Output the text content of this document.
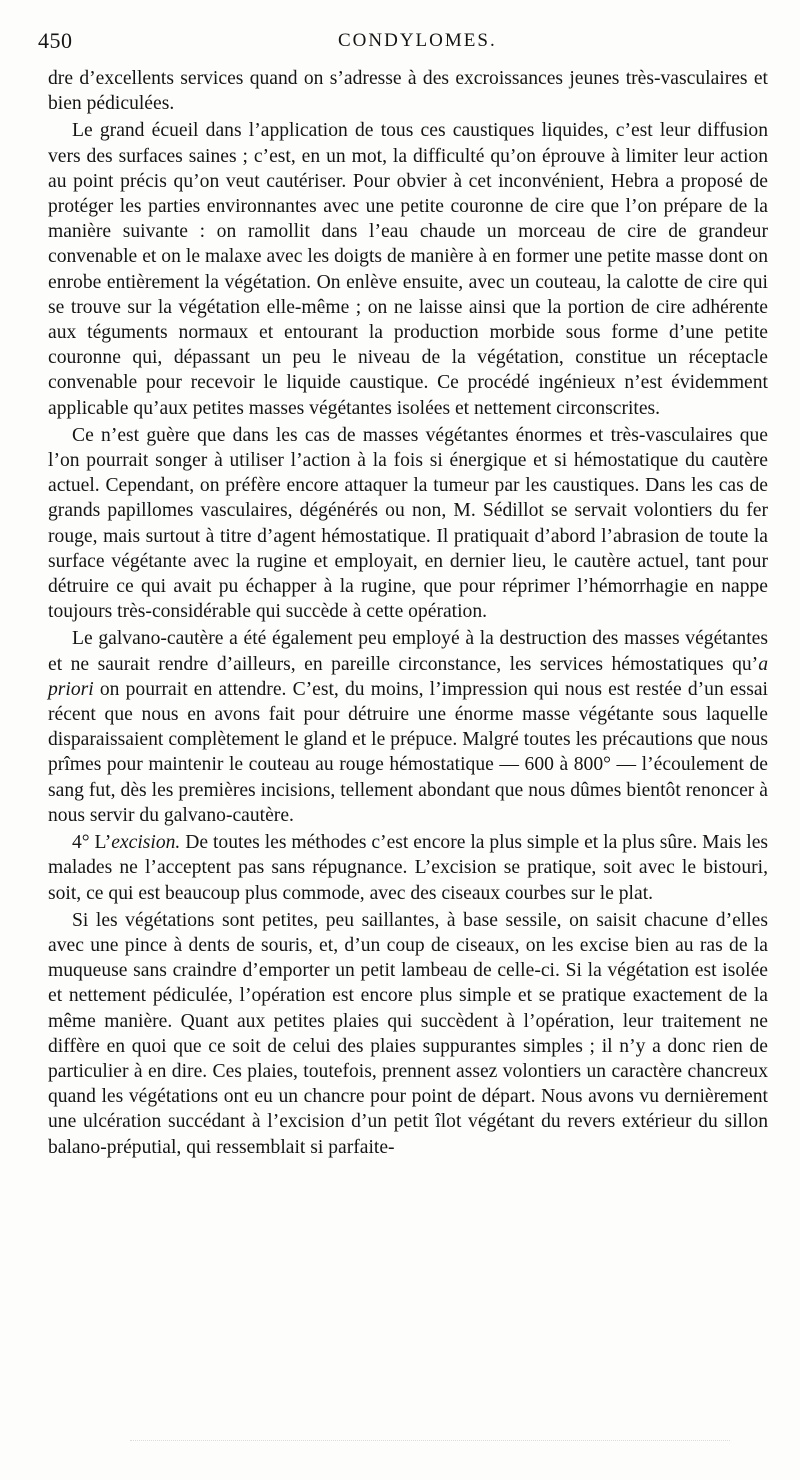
450	CONDYLOMES.

dre d’excellents services quand on s’adresse à des excroissances jeunes très-vasculaires et bien pédiculées.

Le grand écueil dans l’application de tous ces caustiques liquides, c’est leur diffusion vers des surfaces saines ; c’est, en un mot, la difficulté qu’on éprouve à limiter leur action au point précis qu’on veut cautériser. Pour obvier à cet inconvénient, Hebra a proposé de protéger les parties environnantes avec une petite couronne de cire que l’on prépare de la manière suivante : on ramollit dans l’eau chaude un morceau de cire de grandeur convenable et on le malaxe avec les doigts de manière à en former une petite masse dont on enrobe entièrement la végétation. On enlève ensuite, avec un couteau, la calotte de cire qui se trouve sur la végétation elle-même ; on ne laisse ainsi que la portion de cire adhérente aux téguments normaux et entourant la production morbide sous forme d’une petite couronne qui, dépassant un peu le niveau de la végétation, constitue un réceptacle convenable pour recevoir le liquide caustique. Ce procédé ingénieux n’est évidemment applicable qu’aux petites masses végétantes isolées et nettement circonscrites.

Ce n’est guère que dans les cas de masses végétantes énormes et très-vasculaires que l’on pourrait songer à utiliser l’action à la fois si énergique et si hémostatique du cautère actuel. Cependant, on préfère encore attaquer la tumeur par les caustiques. Dans les cas de grands papillomes vasculaires, dégénérés ou non, M. Sédillot se servait volontiers du fer rouge, mais surtout à titre d’agent hémostatique. Il pratiquait d’abord l’abrasion de toute la surface végétante avec la rugine et employait, en dernier lieu, le cautère actuel, tant pour détruire ce qui avait pu échapper à la rugine, que pour réprimer l’hémorrhagie en nappe toujours très-considérable qui succède à cette opération.

Le galvano-cautère a été également peu employé à la destruction des masses végétantes et ne saurait rendre d’ailleurs, en pareille circonstance, les services hémostatiques qu’a priori on pourrait en attendre. C’est, du moins, l’impression qui nous est restée d’un essai récent que nous en avons fait pour détruire une énorme masse végétante sous laquelle disparaissaient complètement le gland et le prépuce. Malgré toutes les précautions que nous prîmes pour maintenir le couteau au rouge hémostatique — 600 à 800° — l’écoulement de sang fut, dès les premières incisions, tellement abondant que nous dûmes bientôt renoncer à nous servir du galvano-cautère.

4° L’excision. De toutes les méthodes c’est encore la plus simple et la plus sûre. Mais les malades ne l’acceptent pas sans répugnance. L’excision se pratique, soit avec le bistouri, soit, ce qui est beaucoup plus commode, avec des ciseaux courbes sur le plat.

Si les végétations sont petites, peu saillantes, à base sessile, on saisit chacune d’elles avec une pince à dents de souris, et, d’un coup de ciseaux, on les excise bien au ras de la muqueuse sans craindre d’emporter un petit lambeau de celle-ci. Si la végétation est isolée et nettement pédiculée, l’opération est encore plus simple et se pratique exactement de la même manière. Quant aux petites plaies qui succèdent à l’opération, leur traitement ne diffère en quoi que ce soit de celui des plaies suppurantes simples ; il n’y a donc rien de particulier à en dire. Ces plaies, toutefois, prennent assez volontiers un caractère chancreux quand les végétations ont eu un chancre pour point de départ. Nous avons vu dernièrement une ulcération succédant à l’excision d’un petit îlot végétant du revers extérieur du sillon balano-préputial, qui ressemblait si parfaite-
